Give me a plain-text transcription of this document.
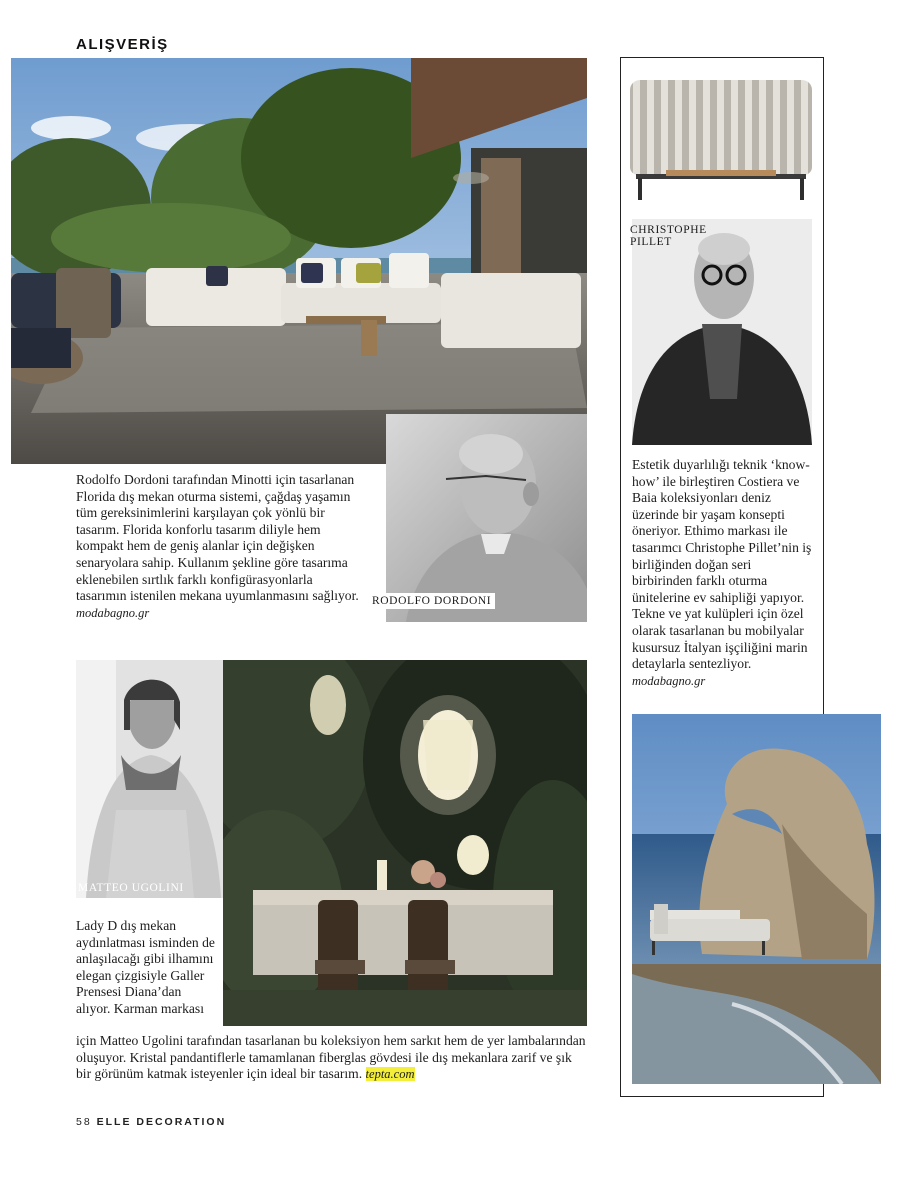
ALIŞVERİŞ
Rodolfo Dordoni tarafından Minotti için tasarlanan Florida dış mekan oturma sistemi, çağdaş yaşamın tüm gereksinimlerini karşılayan çok yönlü bir tasarım. Florida konforlu tasarım diliyle hem kompakt hem de geniş alanlar için değişken senaryolara sahip. Kullanım şekline göre tasarıma eklenebilen sırtlık farklı konfigürasyonlarla tasarımın istenilen mekana uyumlanmasını sağlıyor. modabagno.gr
RODOLFO DORDONI
CHRISTOPHE
PILLET
Estetik duyarlılığı teknik ‘know-how’ ile birleştiren Costiera ve Baia koleksiyonları deniz üzerinde bir yaşam konsepti öneriyor. Ethimo markası ile tasarımcı Christophe Pillet’nin iş birliğinden doğan seri birbirinden farklı oturma ünitelerine ev sahipliği yapıyor. Tekne ve yat kulüpleri için özel olarak tasarlanan bu mobilyalar kusursuz İtalyan işçiliğini marin detaylarla sentezliyor. modabagno.gr
MATTEO UGOLINI
Lady D dış mekan aydınlatması isminden de anlaşılacağı gibi ilhamını elegan çizgisiyle Galler Prensesi Diana’dan alıyor. Karman markası
için Matteo Ugolini tarafından tasarlanan bu koleksiyon hem sarkıt hem de yer lambalarından oluşuyor. Kristal pandantiflerle tamamlanan fiberglas gövdesi ile dış mekanlara zarif ve şık bir görünüm katmak isteyenler için ideal bir tasarım. tepta.com
58 ELLE DECORATION
